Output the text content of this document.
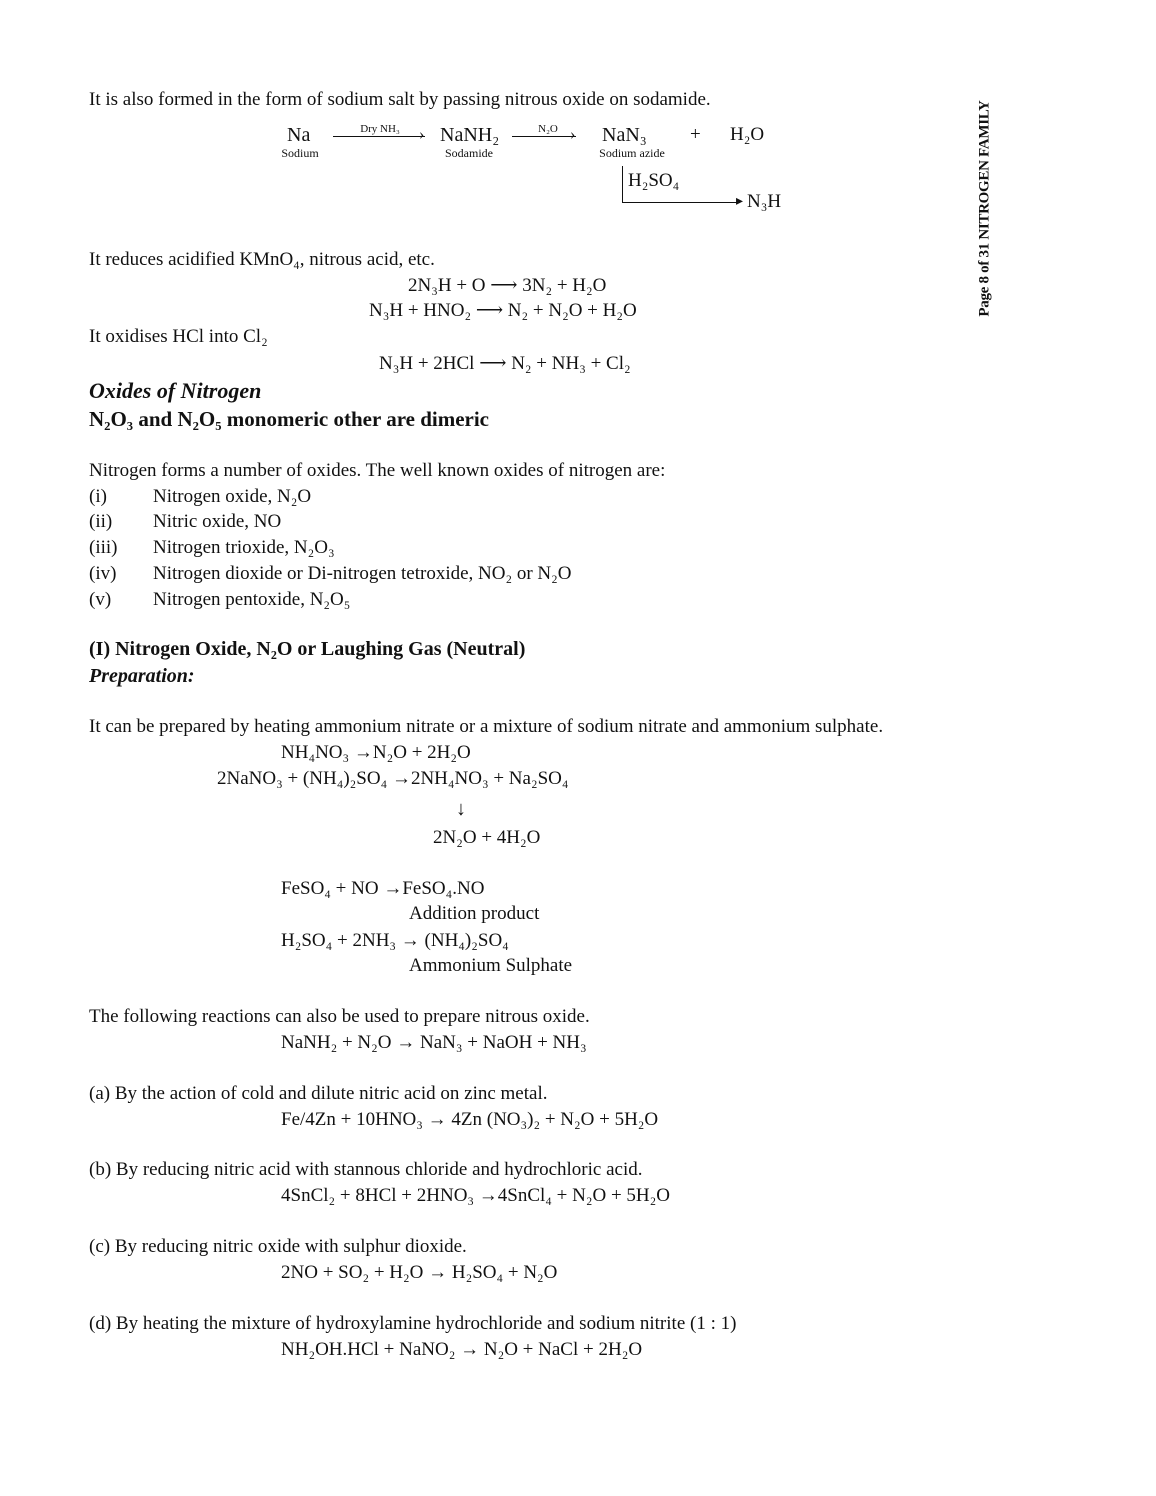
Page 8 of 31 NITROGEN FAMILY
It is also formed in the form of sodium salt by passing nitrous oxide on sodamide.
Na
Sodium
Dry NH₃	› NaNH₂
Sodamide
N₂O › NaN₃
Sodium azide
+ H₂O
H₂SO₄
▸ N₃H
It reduces acidified KMnO₄, nitrous acid, etc.
2N₃H + O ⟶ 3N₂ + H₂O
N₃H + HNO₂ ⟶ N₂ + N₂O + H₂O
It oxidises HCl into Cl₂
N₃H + 2HCl ⟶ N₂ + NH₃ + Cl₂
Oxides of Nitrogen
N₂O₃ and N₂O₅ monomeric other are dimeric
Nitrogen forms a number of oxides. The well known oxides of nitrogen are:
(i) Nitrogen oxide, N₂O
(ii) Nitric oxide, NO
(iii) Nitrogen trioxide, N₂O₃
(iv) Nitrogen dioxide or Di-nitrogen tetroxide, NO₂ or N₂O
(v) Nitrogen pentoxide, N₂O₅
(I) Nitrogen Oxide, N₂O or Laughing Gas (Neutral)
Preparation:
It can be prepared by heating ammonium nitrate or a mixture of sodium nitrate and ammonium sulphate.
NH₄NO₃ →N₂O + 2H₂O
2NaNO₃ + (NH₄)₂SO₄ →2NH₄NO₃ + Na₂SO₄
↓
2N₂O + 4H₂O
FeSO₄ + NO →FeSO₄.NO
Addition product
H₂SO₄ + 2NH₃ → (NH₄)₂SO₄
Ammonium Sulphate
The following reactions can also be used to prepare nitrous oxide.
NaNH₂ + N₂O → NaN₃ + NaOH + NH₃
(a) By the action of cold and dilute nitric acid on zinc metal.
Fe/4Zn + 10HNO₃ → 4Zn (NO₃)₂ + N₂O + 5H₂O
(b) By reducing nitric acid with stannous chloride and hydrochloric acid.
4SnCl₂ + 8HCl + 2HNO₃ →4SnCl₄ + N₂O + 5H₂O
(c) By reducing nitric oxide with sulphur dioxide.
2NO + SO₂ + H₂O → H₂SO₄ + N₂O
(d) By heating the mixture of hydroxylamine hydrochloride and sodium nitrite (1 : 1)
NH₂OH.HCl + NaNO₂ → N₂O + NaCl + 2H₂O
